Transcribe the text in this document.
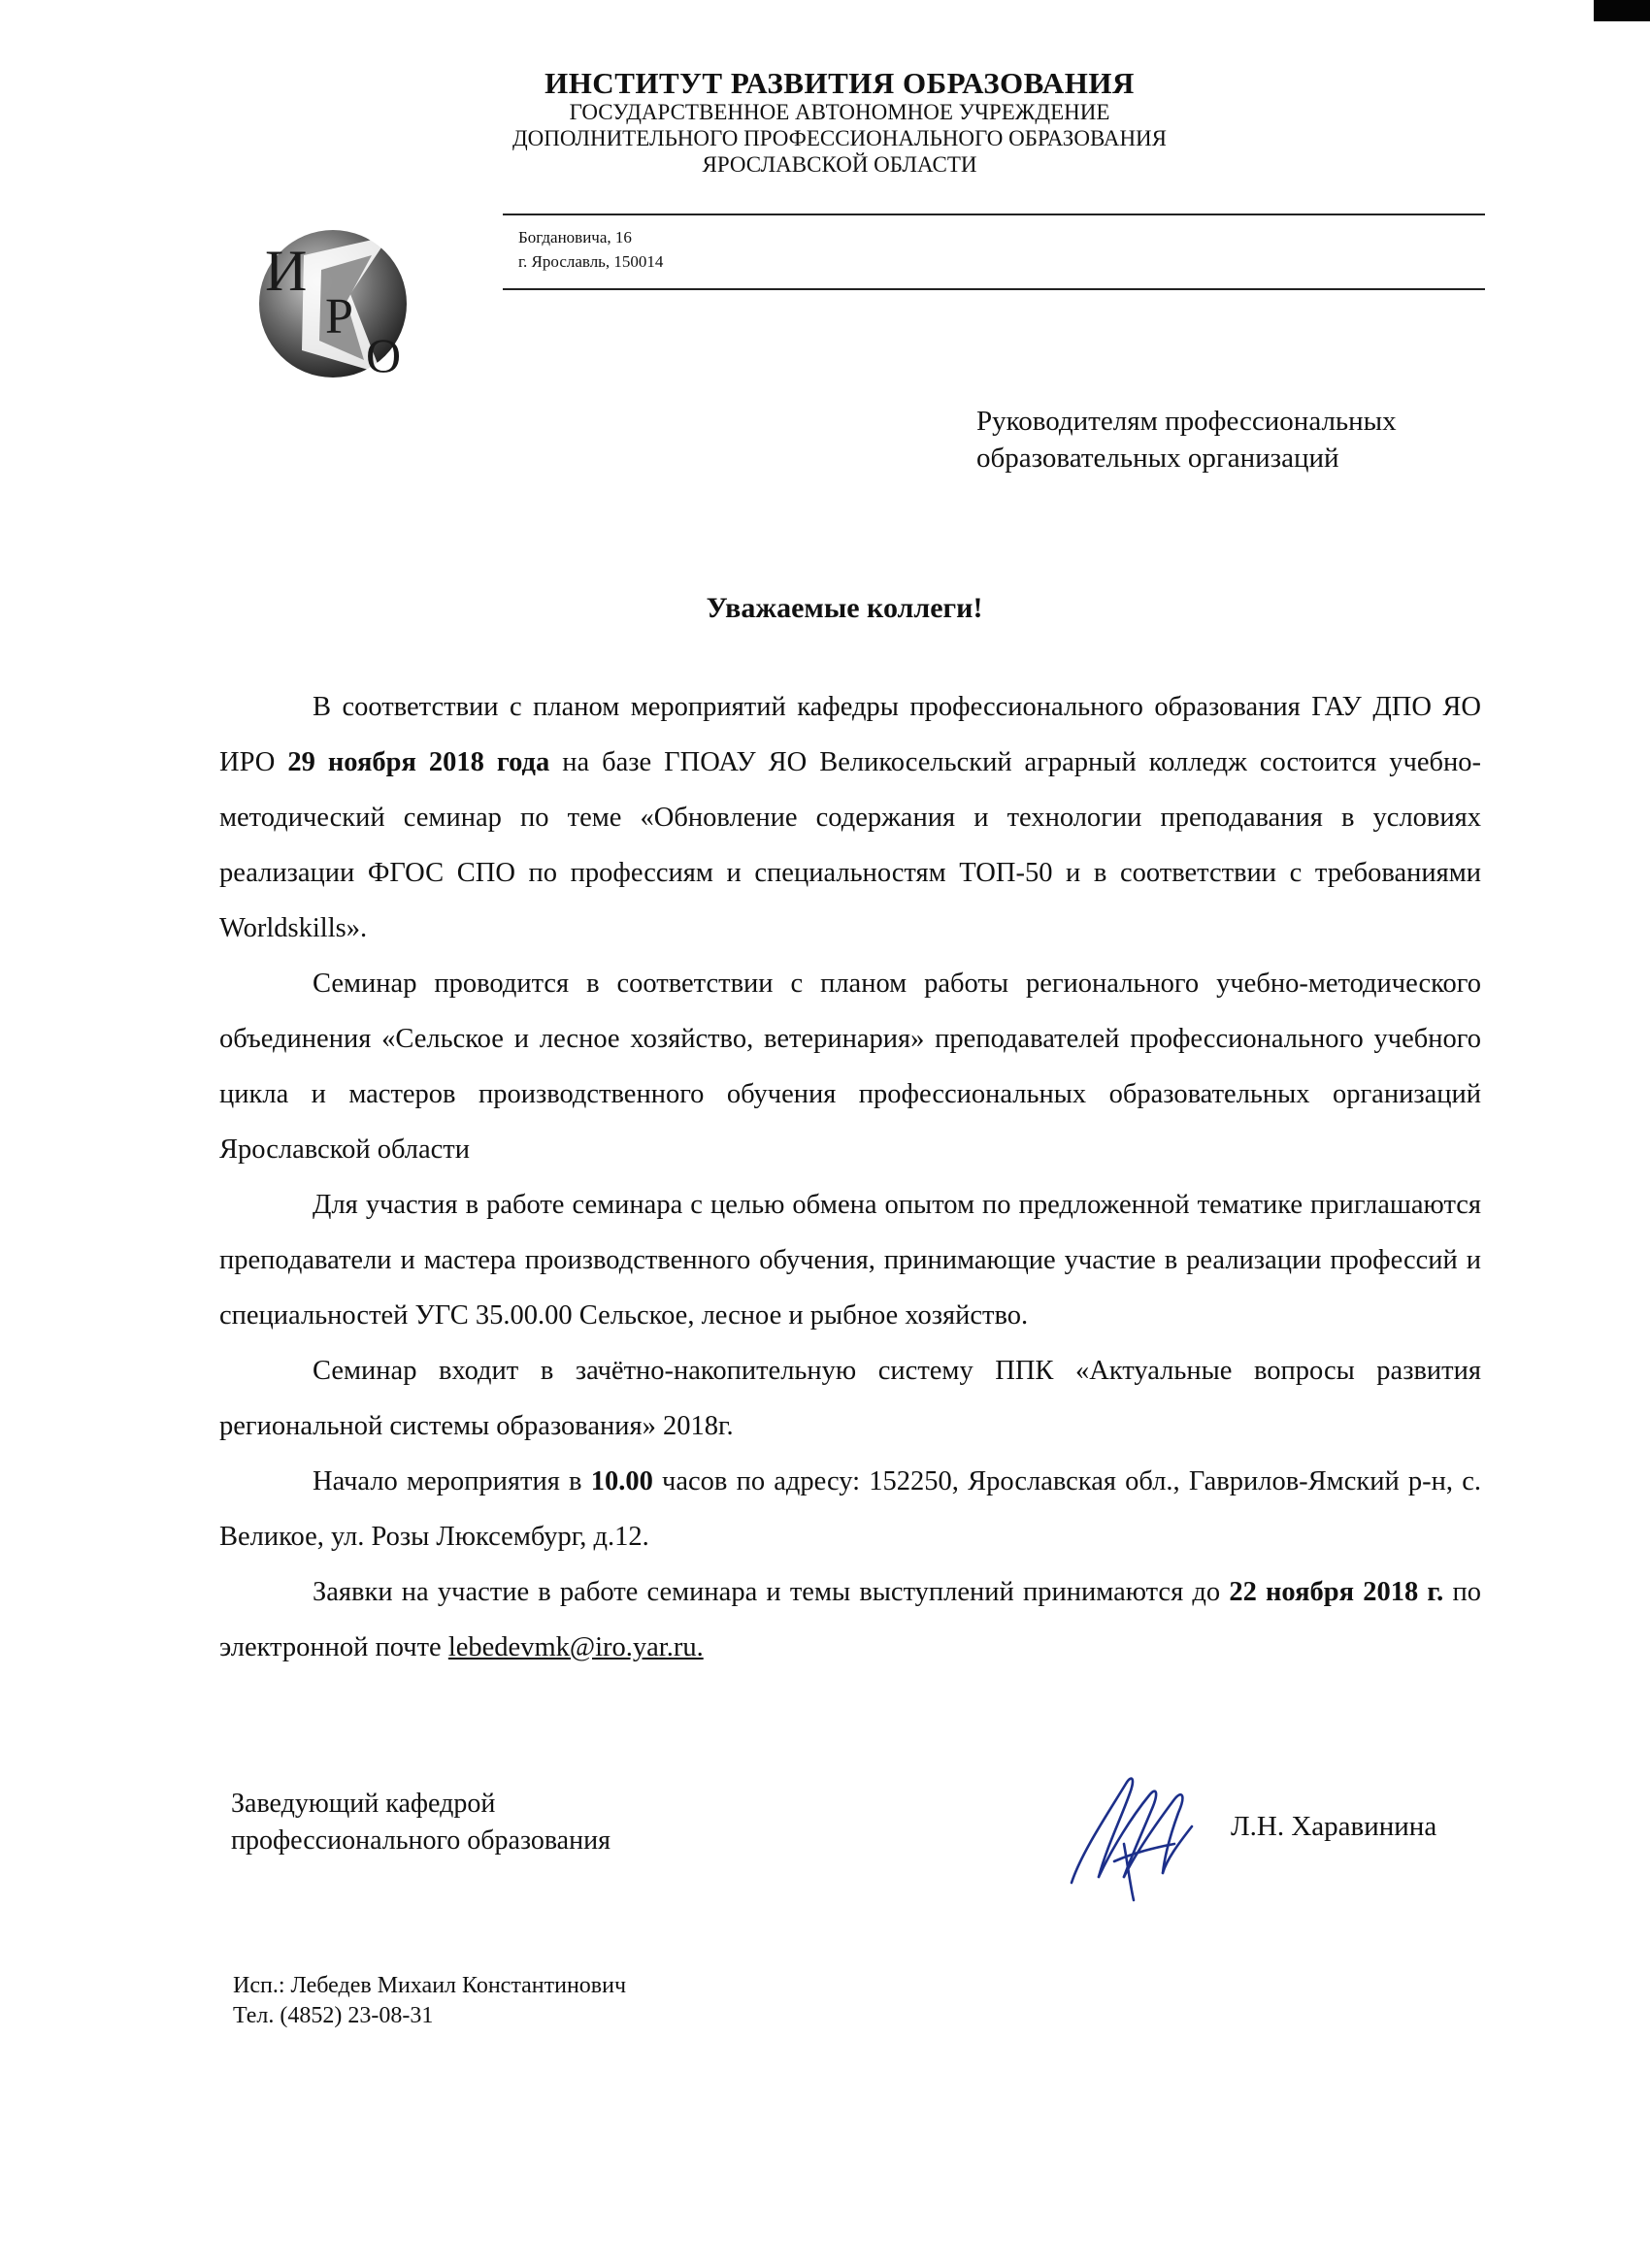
ИНСТИТУТ РАЗВИТИЯ ОБРАЗОВАНИЯ
ГОСУДАРСТВЕННОЕ АВТОНОМНОЕ УЧРЕЖДЕНИЕ
ДОПОЛНИТЕЛЬНОГО ПРОФЕССИОНАЛЬНОГО ОБРАЗОВАНИЯ
ЯРОСЛАВСКОЙ ОБЛАСТИ
И
Р
О
Богдановича, 16
г. Ярославль, 150014
Руководителям профессиональных
образовательных организаций
Уважаемые коллеги!

В соответствии с планом мероприятий кафедры профессионального образования ГАУ ДПО ЯО ИРО 29 ноября 2018 года на базе ГПОАУ ЯО Великосельский аграрный колледж состоится учебно-методический семинар по теме «Обновление содержания и технологии преподавания в условиях реализации ФГОС СПО по профессиям и специальностям ТОП-50 и в соответствии с требованиями Worldskills».

Семинар проводится в соответствии с планом работы регионального учебно-методического объединения «Сельское и лесное хозяйство, ветеринария» преподавателей профессионального учебного цикла и мастеров производственного обучения профессиональных образовательных организаций Ярославской области

Для участия в работе семинара с целью обмена опытом по предложенной тематике приглашаются преподаватели и мастера производственного обучения, принимающие участие в реализации профессий и специальностей УГС 35.00.00 Сельское, лесное и рыбное хозяйство.

Семинар входит в зачётно-накопительную систему ППК «Актуальные вопросы развития региональной системы образования» 2018г.

Начало мероприятия в 10.00 часов по адресу: 152250, Ярославская обл., Гаврилов-Ямский р-н, с. Великое, ул. Розы Люксембург, д.12.

Заявки на участие в работе семинара и темы выступлений принимаются до 22 ноября 2018 г. по электронной почте lebedevmk@iro.yar.ru.

Заведующий кафедрой
профессионального образования	Л.Н. Харавинина
Исп.: Лебедев Михаил Константинович
Тел. (4852) 23-08-31
